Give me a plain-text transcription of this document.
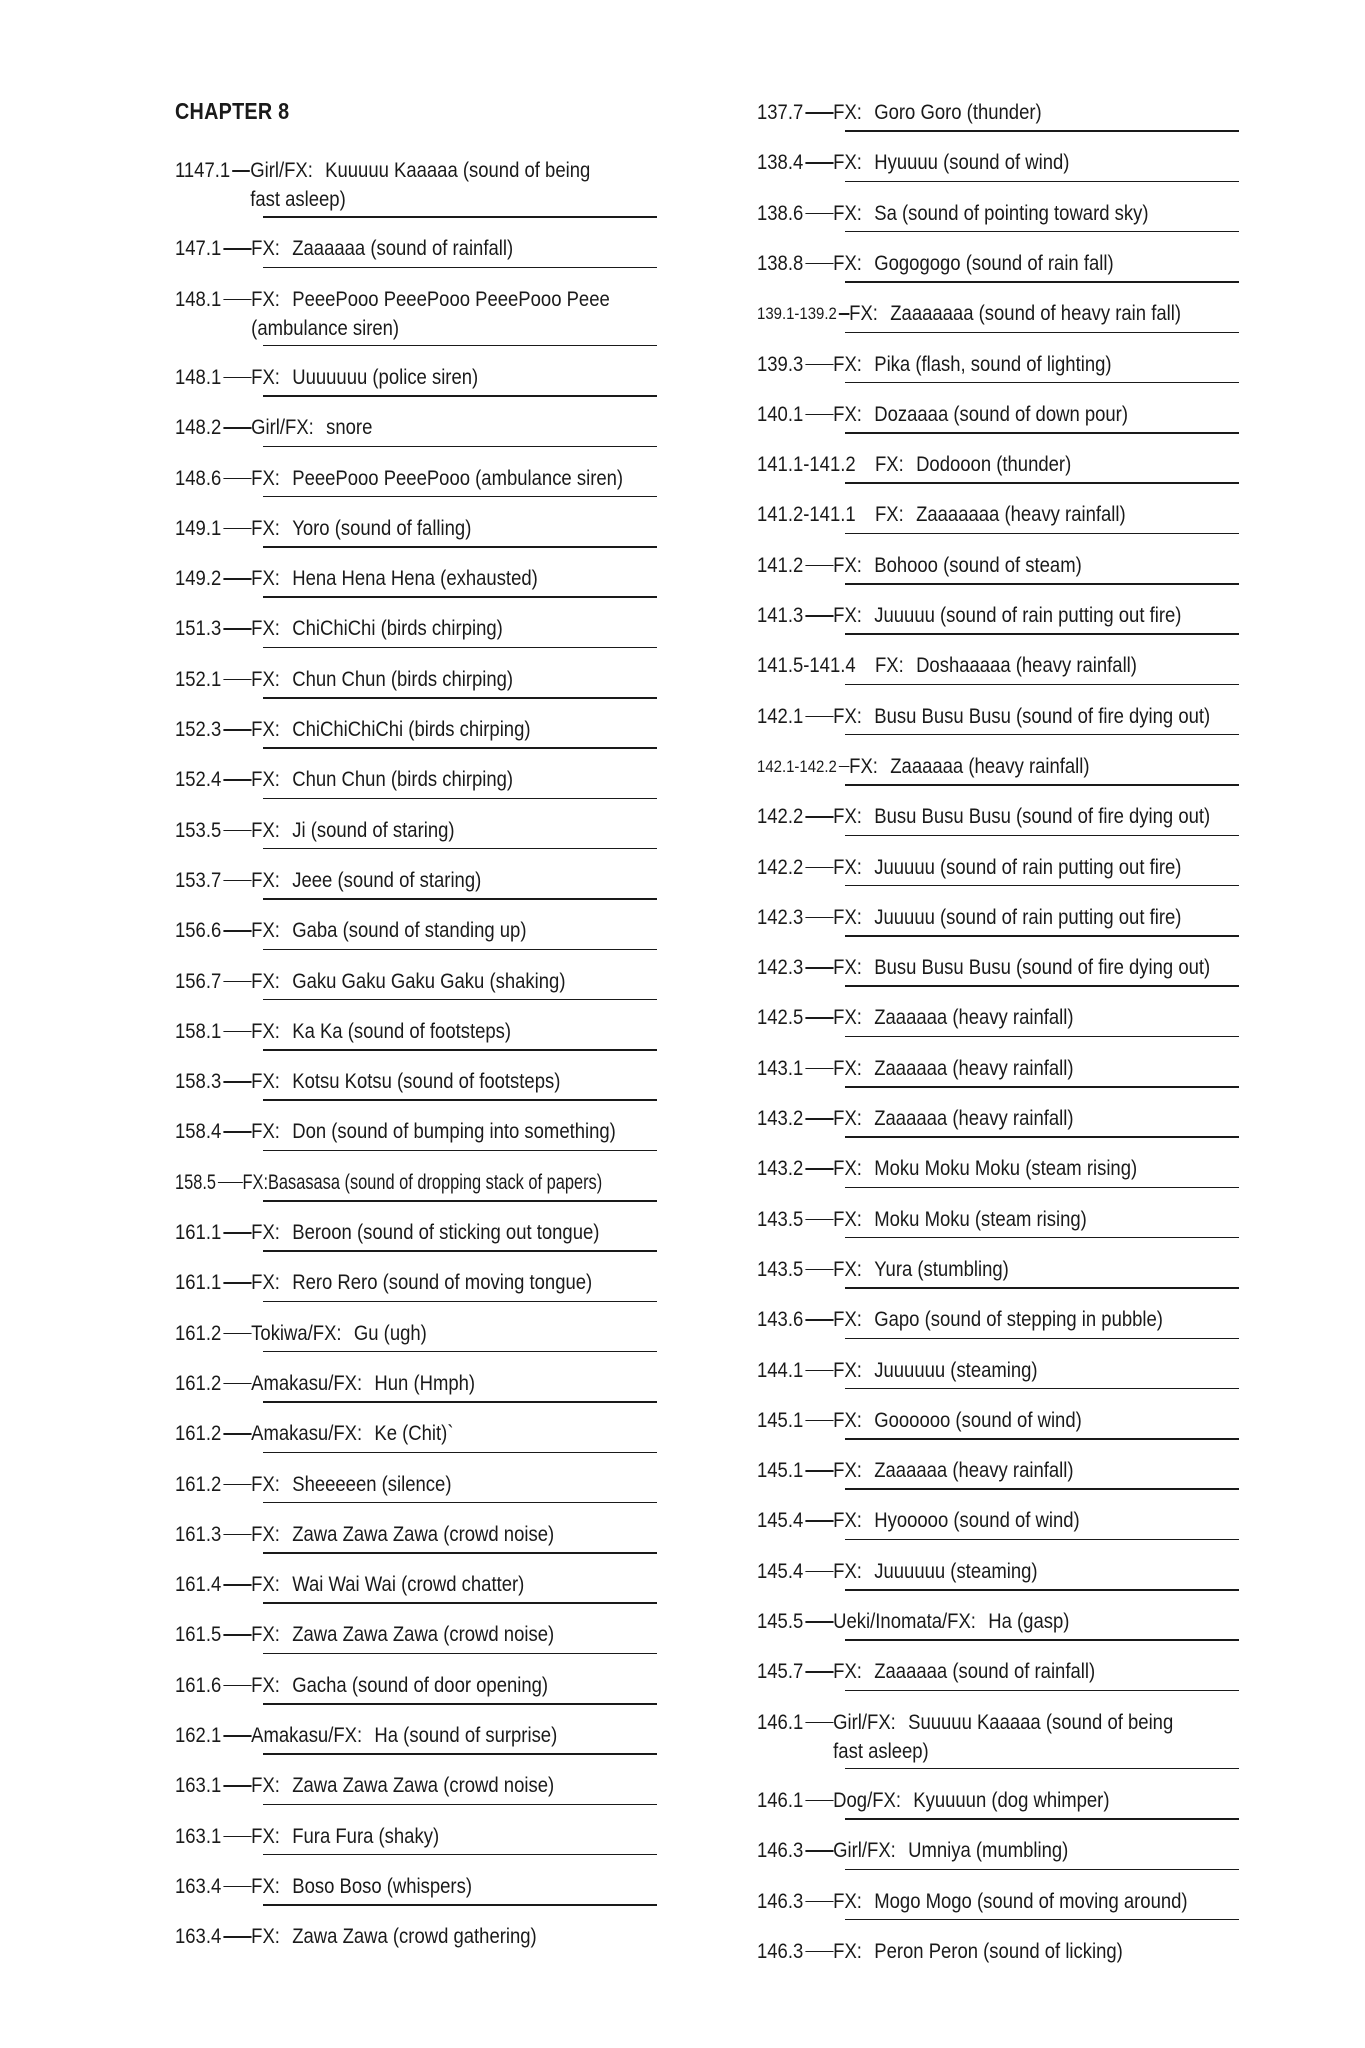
CHAPTER 8
1147.1 Girl/FX: Kuuuuu Kaaaaa (sound of being
fast asleep)
147.1 FX: Zaaaaaa (sound of rainfall)
148.1 FX: PeeePooo PeeePooo PeeePooo Peee
(ambulance siren)
148.1 FX: Uuuuuuu (police siren)
148.2 Girl/FX: snore
148.6 FX: PeeePooo PeeePooo (ambulance siren)
149.1 FX: Yoro (sound of falling)
149.2 FX: Hena Hena Hena (exhausted)
151.3 FX: ChiChiChi (birds chirping)
152.1 FX: Chun Chun (birds chirping)
152.3 FX: ChiChiChiChi (birds chirping)
152.4 FX: Chun Chun (birds chirping)
153.5 FX: Ji (sound of staring)
153.7 FX: Jeee (sound of staring)
156.6 FX: Gaba (sound of standing up)
156.7 FX: Gaku Gaku Gaku Gaku (shaking)
158.1 FX: Ka Ka (sound of footsteps)
158.3 FX: Kotsu Kotsu (sound of footsteps)
158.4 FX: Don (sound of bumping into something)
158.5 FX:Basasasa (sound of dropping stack of papers)
161.1 FX: Beroon (sound of sticking out tongue)
161.1 FX: Rero Rero (sound of moving tongue)
161.2 Tokiwa/FX: Gu (ugh)
161.2 Amakasu/FX: Hun (Hmph)
161.2 Amakasu/FX: Ke (Chit)`
161.2 FX: Sheeeeen (silence)
161.3 FX: Zawa Zawa Zawa (crowd noise)
161.4 FX: Wai Wai Wai (crowd chatter)
161.5 FX: Zawa Zawa Zawa (crowd noise)
161.6 FX: Gacha (sound of door opening)
162.1 Amakasu/FX: Ha (sound of surprise)
163.1 FX: Zawa Zawa Zawa (crowd noise)
163.1 FX: Fura Fura (shaky)
163.4 FX: Boso Boso (whispers)
163.4 FX: Zawa Zawa (crowd gathering)
137.7 FX: Goro Goro (thunder)
138.4 FX: Hyuuuu (sound of wind)
138.6 FX: Sa (sound of pointing toward sky)
138.8 FX: Gogogogo (sound of rain fall)
139.1-139.2 FX: Zaaaaaaa (sound of heavy rain fall)
139.3 FX: Pika (flash, sound of lighting)
140.1 FX: Dozaaaa (sound of down pour)
141.1-141.2 FX: Dodooon (thunder)
141.2-141.1 FX: Zaaaaaaa (heavy rainfall)
141.2 FX: Bohooo (sound of steam)
141.3 FX: Juuuuu (sound of rain putting out fire)
141.5-141.4 FX: Doshaaaaa (heavy rainfall)
142.1 FX: Busu Busu Busu (sound of fire dying out)
142.1-142.2 FX: Zaaaaaa (heavy rainfall)
142.2 FX: Busu Busu Busu (sound of fire dying out)
142.2 FX: Juuuuu (sound of rain putting out fire)
142.3 FX: Juuuuu (sound of rain putting out fire)
142.3 FX: Busu Busu Busu (sound of fire dying out)
142.5 FX: Zaaaaaa (heavy rainfall)
143.1 FX: Zaaaaaa (heavy rainfall)
143.2 FX: Zaaaaaa (heavy rainfall)
143.2 FX: Moku Moku Moku (steam rising)
143.5 FX: Moku Moku (steam rising)
143.5 FX: Yura (stumbling)
143.6 FX: Gapo (sound of stepping in pubble)
144.1 FX: Juuuuuu (steaming)
145.1 FX: Goooooo (sound of wind)
145.1 FX: Zaaaaaa (heavy rainfall)
145.4 FX: Hyooooo (sound of wind)
145.4 FX: Juuuuuu (steaming)
145.5 Ueki/Inomata/FX: Ha (gasp)
145.7 FX: Zaaaaaa (sound of rainfall)
146.1 Girl/FX: Suuuuu Kaaaaa (sound of being
fast asleep)
146.1 Dog/FX: Kyuuuun (dog whimper)
146.3 Girl/FX: Umniya (mumbling)
146.3 FX: Mogo Mogo (sound of moving around)
146.3 FX: Peron Peron (sound of licking)
